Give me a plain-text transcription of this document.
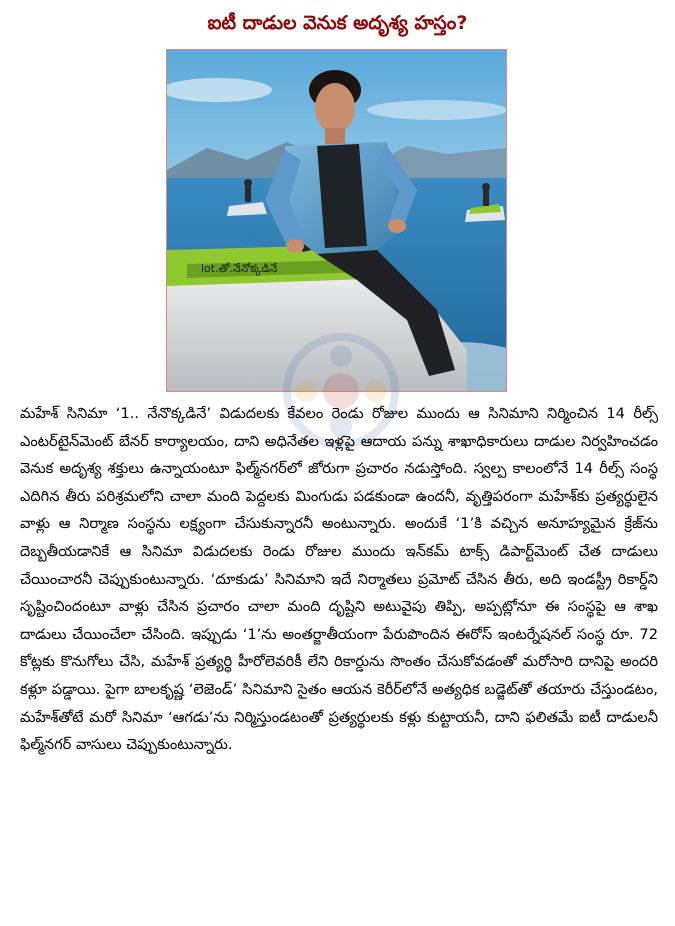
ఐటీ దాడుల వెనుక అదృశ్య హస్తం?
iot.తో.నేనోక్కడినే

మహేశ్ సినిమా ‘1.. నేనొక్కడినే’ విడుదలకు కేవలం రెండు రోజుల ముందు ఆ సినిమాని నిర్మించిన 14 రీల్స్ ఎంటర్‌టైన్‌మెంట్ బేనర్ కార్యాలయం, దాని అధినేతల ఇళ్లపై ఆదాయ పన్ను శాఖాధికారులు దాడుల నిర్వహించడం వెనుక అదృశ్య శక్తులు ఉన్నాయంటూ ఫిల్మ్‌నగర్‌లో జోరుగా ప్రచారం నడుస్తోంది. స్వల్ప కాలంలోనే 14 రీల్స్ సంస్థ ఎదిగిన తీరు పరిశ్రమలోని చాలా మంది పెద్దలకు మింగుడు పడకుండా ఉందనీ, వృత్తిపరంగా మహేశ్‌కు ప్రత్యర్థులైన వాళ్లు ఆ నిర్మాణ సంస్థను లక్ష్యంగా చేసుకున్నారనీ అంటున్నారు. అందుకే ‘1’కి వచ్చిన అనూహ్యమైన క్రేజ్‌ను దెబ్బతీయడానికే ఆ సినిమా విడుదలకు రెండు రోజుల ముందు ఇన్‌కమ్ టాక్స్ డిపార్ట్‌మెంట్ చేత దాడులు చేయించారనీ చెప్పుకుంటున్నారు. ‘దూకుడు’ సినిమాని ఇదే నిర్మాతలు ప్రమోట్ చేసిన తీరు, అది ఇండస్ట్రీ రికార్డ్‌ని సృష్టించిందంటూ వాళ్లు చేసిన ప్రచారం చాలా మంది దృష్టిని అటువైపు తిప్పి, అప్పట్లోనూ ఈ సంస్థపై ఆ శాఖ దాడులు చేయించేలా చేసింది. ఇప్పుడు ‘1’ను అంతర్జాతీయంగా పేరుపొందిన ఈరోస్ ఇంటర్నేషనల్ సంస్థ రూ. 72 కోట్లకు కొనుగోలు చేసి, మహేశ్ ప్రత్యర్థి హీరోలెవరికీ లేని రికార్డును సొంతం చేసుకోవడంతో మరోసారి దానిపై అందరి కళ్లూ పడ్డాయి. పైగా బాలకృష్ణ ‘లెజెండ్’ సినిమాని సైతం ఆయన కెరీర్‌లోనే అత్యధిక బడ్జెట్‌తో తయారు చేస్తుండటం, మహేశ్‌తోటే మరో సినిమా ‘ఆగడు’ను నిర్మిస్తుండటంతో ప్రత్యర్థులకు కళ్లు కుట్టాయనీ, దాని ఫలితమే ఐటీ దాడులనీ ఫిల్మ్‌నగర్ వాసులు చెప్పుకుంటున్నారు.
